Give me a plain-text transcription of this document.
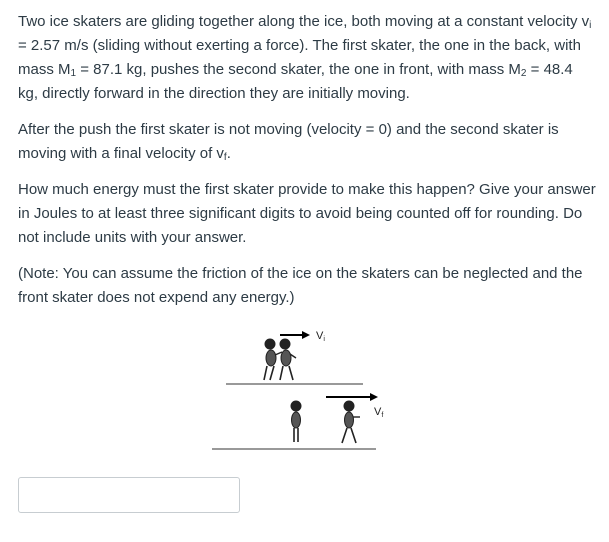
Two ice skaters are gliding together along the ice, both moving at a constant velocity $v_i = 2.57$ m/s (sliding without exerting a force). The first skater, the one in the back, with mass $M_1 = 87.1$ kg, pushes the second skater, the one in front, with mass $M_2 = 48.4$ kg, directly forward in the direction they are initially moving.

After the push the first skater is not moving (velocity = 0) and the second skater is moving with a final velocity of $v_f$.

How much energy must the first skater provide to make this happen? Give your answer in Joules to at least three significant digits to avoid being counted off for rounding. Do not include units with your answer.

(Note: You can assume the friction of the ice on the skaters can be neglected and the front skater does not expend any energy.)

Vi
Vf
